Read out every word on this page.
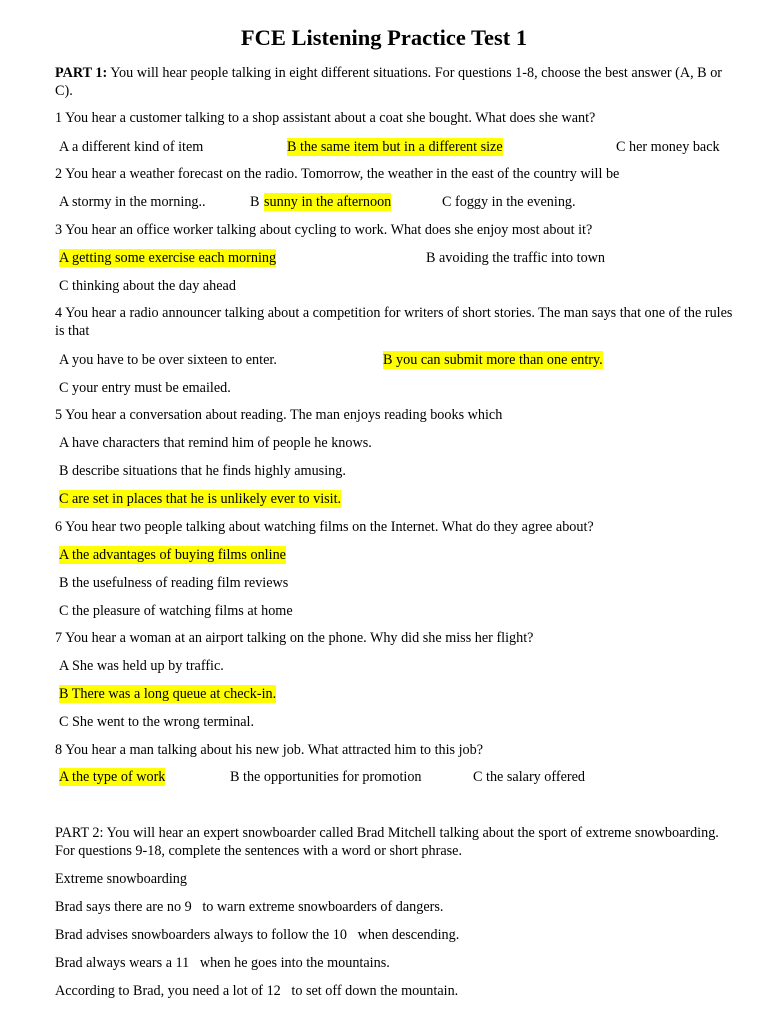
FCE Listening Practice Test 1
PART 1: You will hear people talking in eight different situations. For questions 1-8, choose the best answer (A, B or C).
1 You hear a customer talking to a shop assistant about a coat she bought. What does she want?
A a different kind of item	B the same item but in a different size	C her money back
2 You hear a weather forecast on the radio. Tomorrow, the weather in the east of the country will be
A stormy in the morning..	B sunny in the afternoon	C foggy in the evening.
3 You hear an office worker talking about cycling to work. What does she enjoy most about it?
A getting some exercise each morning	B avoiding the traffic into town
C thinking about the day ahead
4 You hear a radio announcer talking about a competition for writers of short stories. The man says that one of the rules is that
A you have to be over sixteen to enter.	B you can submit more than one entry.
C your entry must be emailed.
5 You hear a conversation about reading. The man enjoys reading books which
A have characters that remind him of people he knows.
B describe situations that he finds highly amusing.
C are set in places that he is unlikely ever to visit.
6 You hear two people talking about watching films on the Internet. What do they agree about?
A the advantages of buying films online
B the usefulness of reading film reviews
C the pleasure of watching films at home
7 You hear a woman at an airport talking on the phone. Why did she miss her flight?
A She was held up by traffic.
B There was a long queue at check-in.
C She went to the wrong terminal.
8 You hear a man talking about his new job. What attracted him to this job?
A the type of work	B the opportunities for promotion	C the salary offered
PART 2: You will hear an expert snowboarder called Brad Mitchell talking about the sport of extreme snowboarding. For questions 9-18, complete the sentences with a word or short phrase.
Extreme snowboarding
Brad says there are no 9   to warn extreme snowboarders of dangers.
Brad advises snowboarders always to follow the 10   when descending.
Brad always wears a 11   when he goes into the mountains.
According to Brad, you need a lot of 12   to set off down the mountain.
